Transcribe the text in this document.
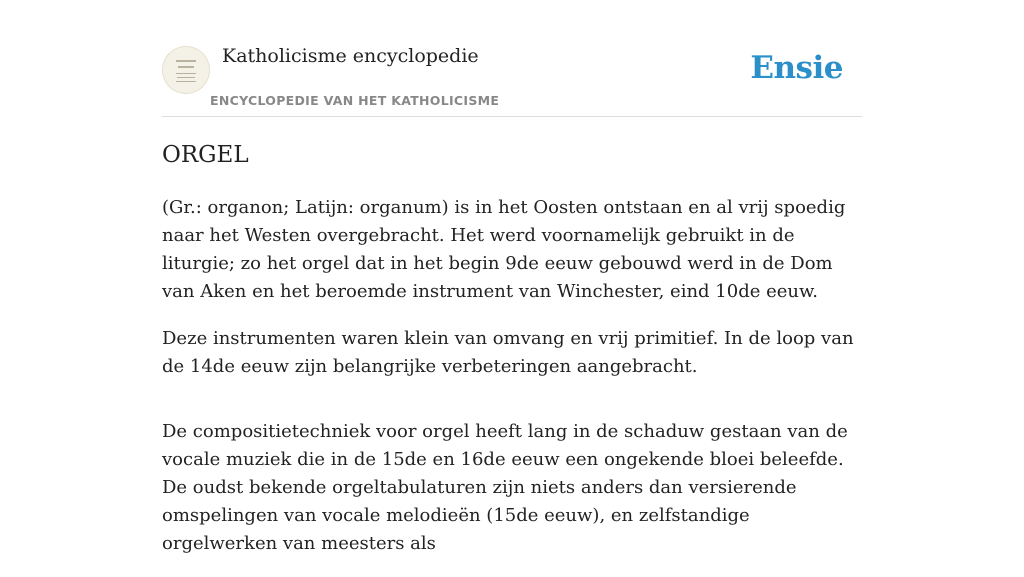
Katholicisme encyclopedie
ENCYCLOPEDIE VAN HET KATHOLICISME
Ensie
ORGEL

(Gr.: organon; Latijn: organum) is in het Oosten ontstaan en al vrij spoedig naar het Westen overgebracht. Het werd voornamelijk gebruikt in de liturgie; zo het orgel dat in het begin 9de eeuw gebouwd werd in de Dom van Aken en het beroemde instrument van Winchester, eind 10de eeuw.

Deze instrumenten waren klein van omvang en vrij primitief. In de loop van de 14de eeuw zijn belangrijke verbeteringen aangebracht.

De compositietechniek voor orgel heeft lang in de schaduw gestaan van de vocale muziek die in de 15de en 16de eeuw een ongekende bloei beleefde. De oudst bekende orgeltabulaturen zijn niets anders dan versierende omspelingen van vocale melodieën (15de eeuw), en zelfstandige orgelwerken van meesters als
